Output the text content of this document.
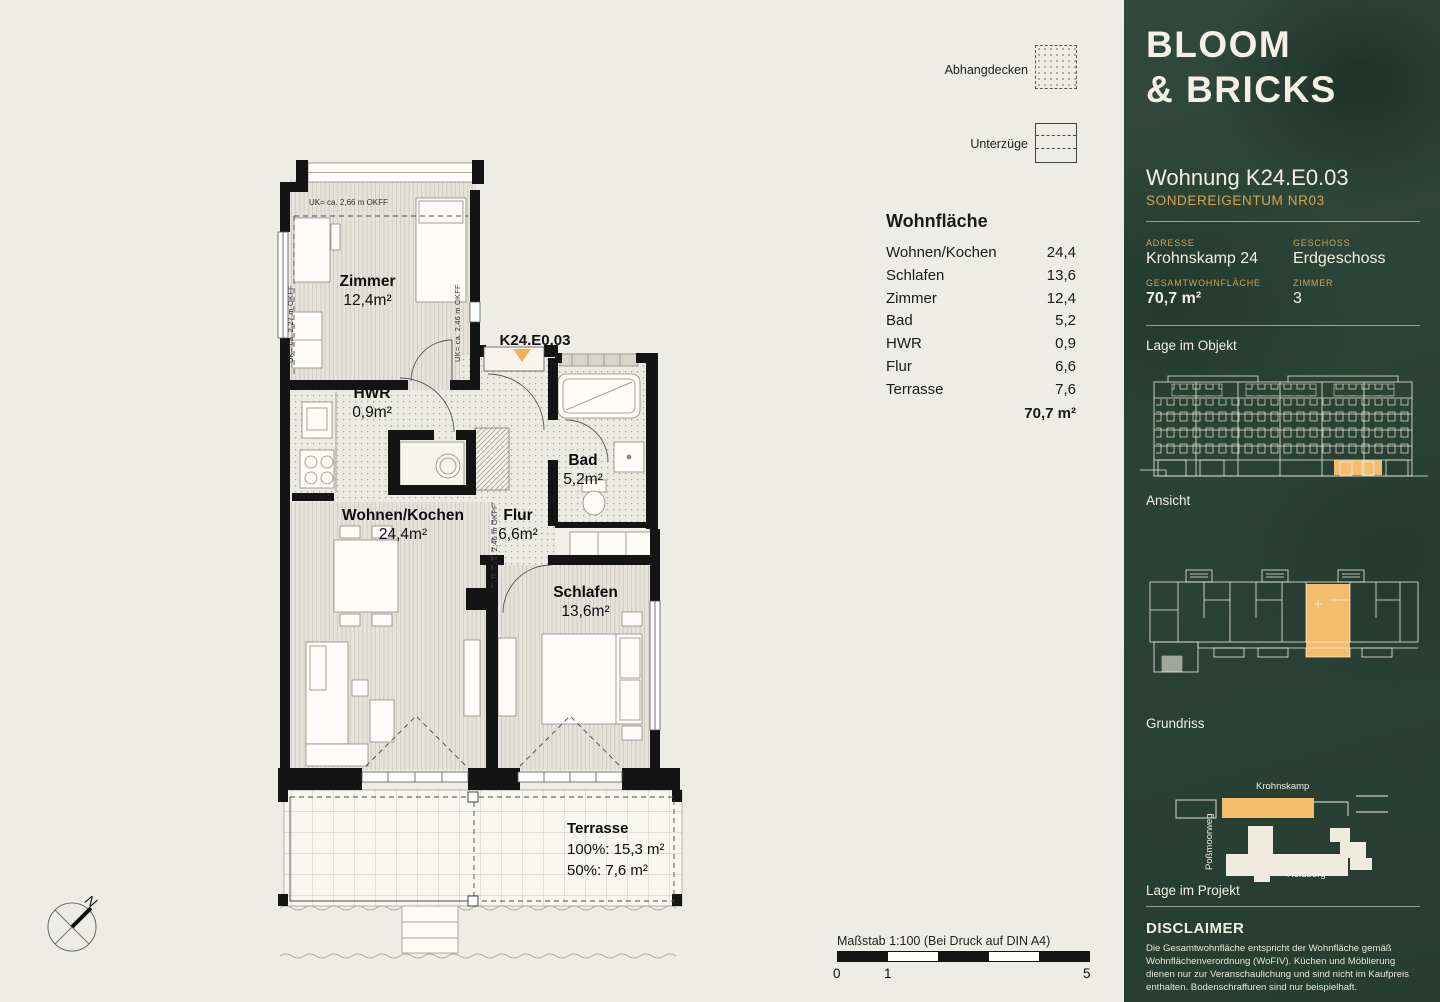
Zimmer
12,4m²
HWR
0,9m²
Wohnen/Kochen
24,4m²
Flur
6,6m²
Bad
5,2m²
Schlafen
13,6m²
Terrasse
100%: 15,3 m²
50%: 7,6 m²
K24.E0.03
UK= ca. 2,66 m OKFF
UK= ca. 2,27 m OKFF	UK= ca. 2,46 m OKFF
UK= ca. 2,46 m OKFF
N
Abhangdecken
Unterzüge
Wohnfläche
Wohnen/Kochen	24,4
Schlafen	13,6
Zimmer	12,4
Bad	5,2
HWR	0,9
Flur	6,6
Terrasse	7,6
70,7 m²
Maßstab 1:100 (Bei Druck auf DIN A4)
0	1	5
BLOOM
& BRICKS
Wohnung K24.E0.03
SONDEREIGENTUM NR03
ADRESSE
Krohnskamp 24
GESCHOSS
Erdgeschoss
GESAMTWOHNFLÄCHE
70,7 m²
ZIMMER
3
Lage im Objekt
Ansicht
Grundriss
Krohnskamp
Poßmoorweg
Heidberg
Lage im Projekt
DISCLAIMER
Die Gesamtwohnfläche entspricht der Wohnfläche gemäß Wohnflächenverordnung (WoFIV). Küchen und Möblierung dienen nur zur Veranschaulichung und sind nicht im Kaufpreis enthalten. Bodenschraffuren sind nur beispielhaft.
